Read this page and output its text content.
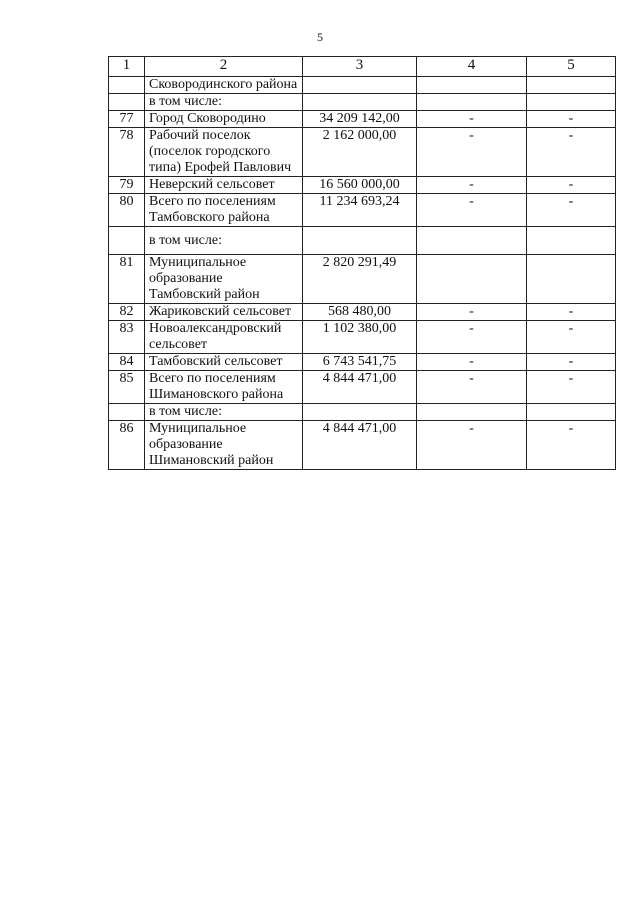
5
1	2	3	4	5
	Сковородинского района			
	в том числе:			
77	Город Сковородино	34 209 142,00	-	-
78	Рабочий поселок (поселок городского типа) Ерофей Павлович	2 162 000,00	-	-
79	Неверский сельсовет	16 560 000,00	-	-
80	Всего по поселениям Тамбовского района	11 234 693,24	-	-
	в том числе:			
81	Муниципальное образование Тамбовский район	2 820 291,49		
82	Жариковский сельсовет	568 480,00	-	-
83	Новоалександровский сельсовет	1 102 380,00	-	-
84	Тамбовский сельсовет	6 743 541,75	-	-
85	Всего по поселениям Шимановского района	4 844 471,00	-	-
	в том числе:			
86	Муниципальное образование Шимановский район	4 844 471,00	-	-
